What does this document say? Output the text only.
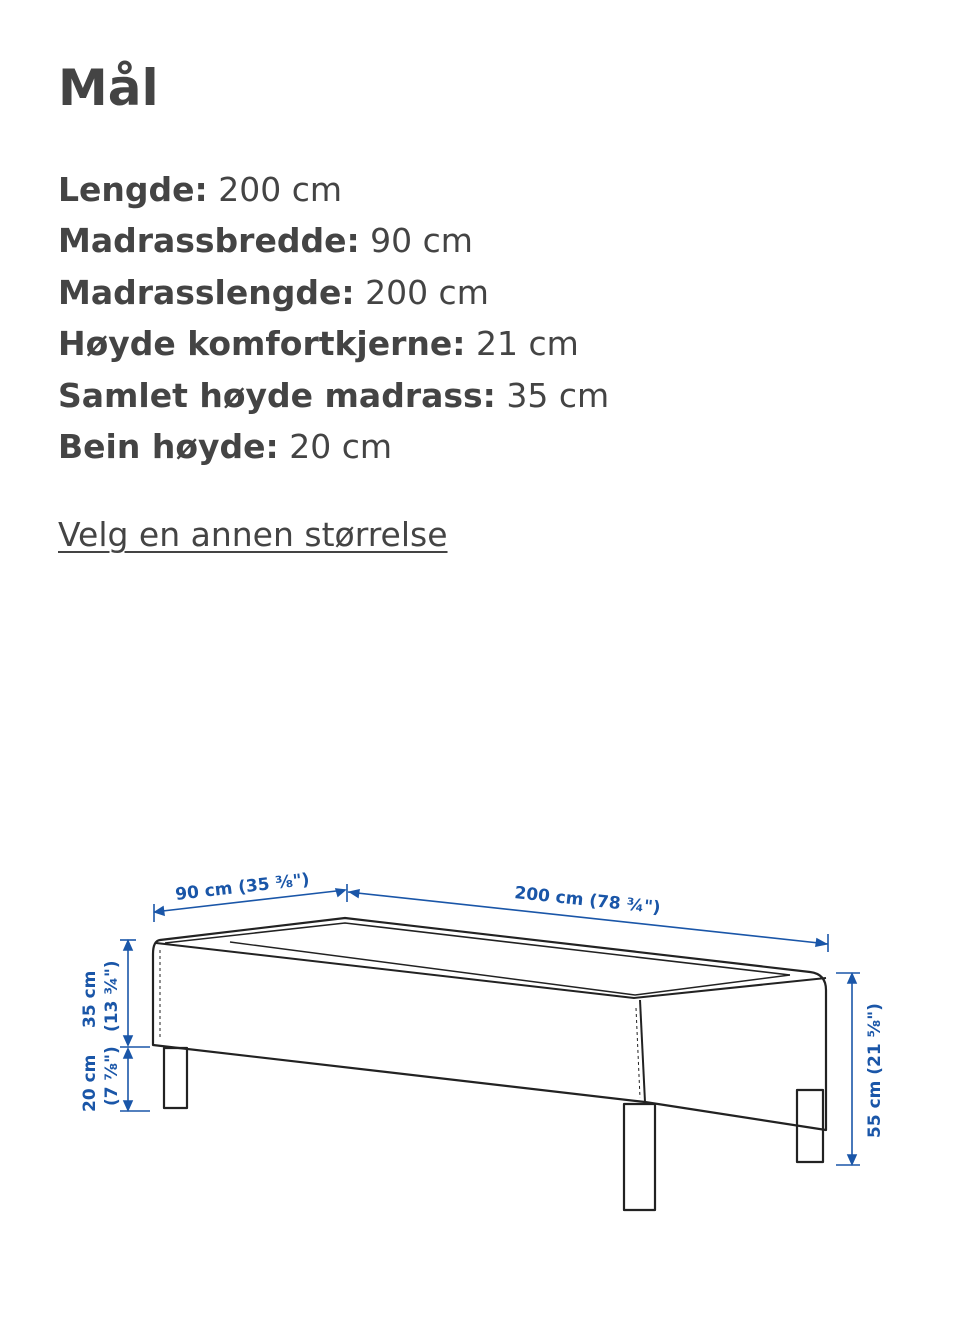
Mål
Lengde: 200 cm
Madrassbredde: 90 cm
Madrasslengde: 200 cm
Høyde komfortkjerne: 21 cm
Samlet høyde madrass: 35 cm
Bein høyde: 20 cm
Velg en annen størrelse
90 cm (35 ⅜")	200 cm (78 ¾")
35 cm (13 ¾")
20 cm (7 ⅞")	55 cm (21 ⅝")
